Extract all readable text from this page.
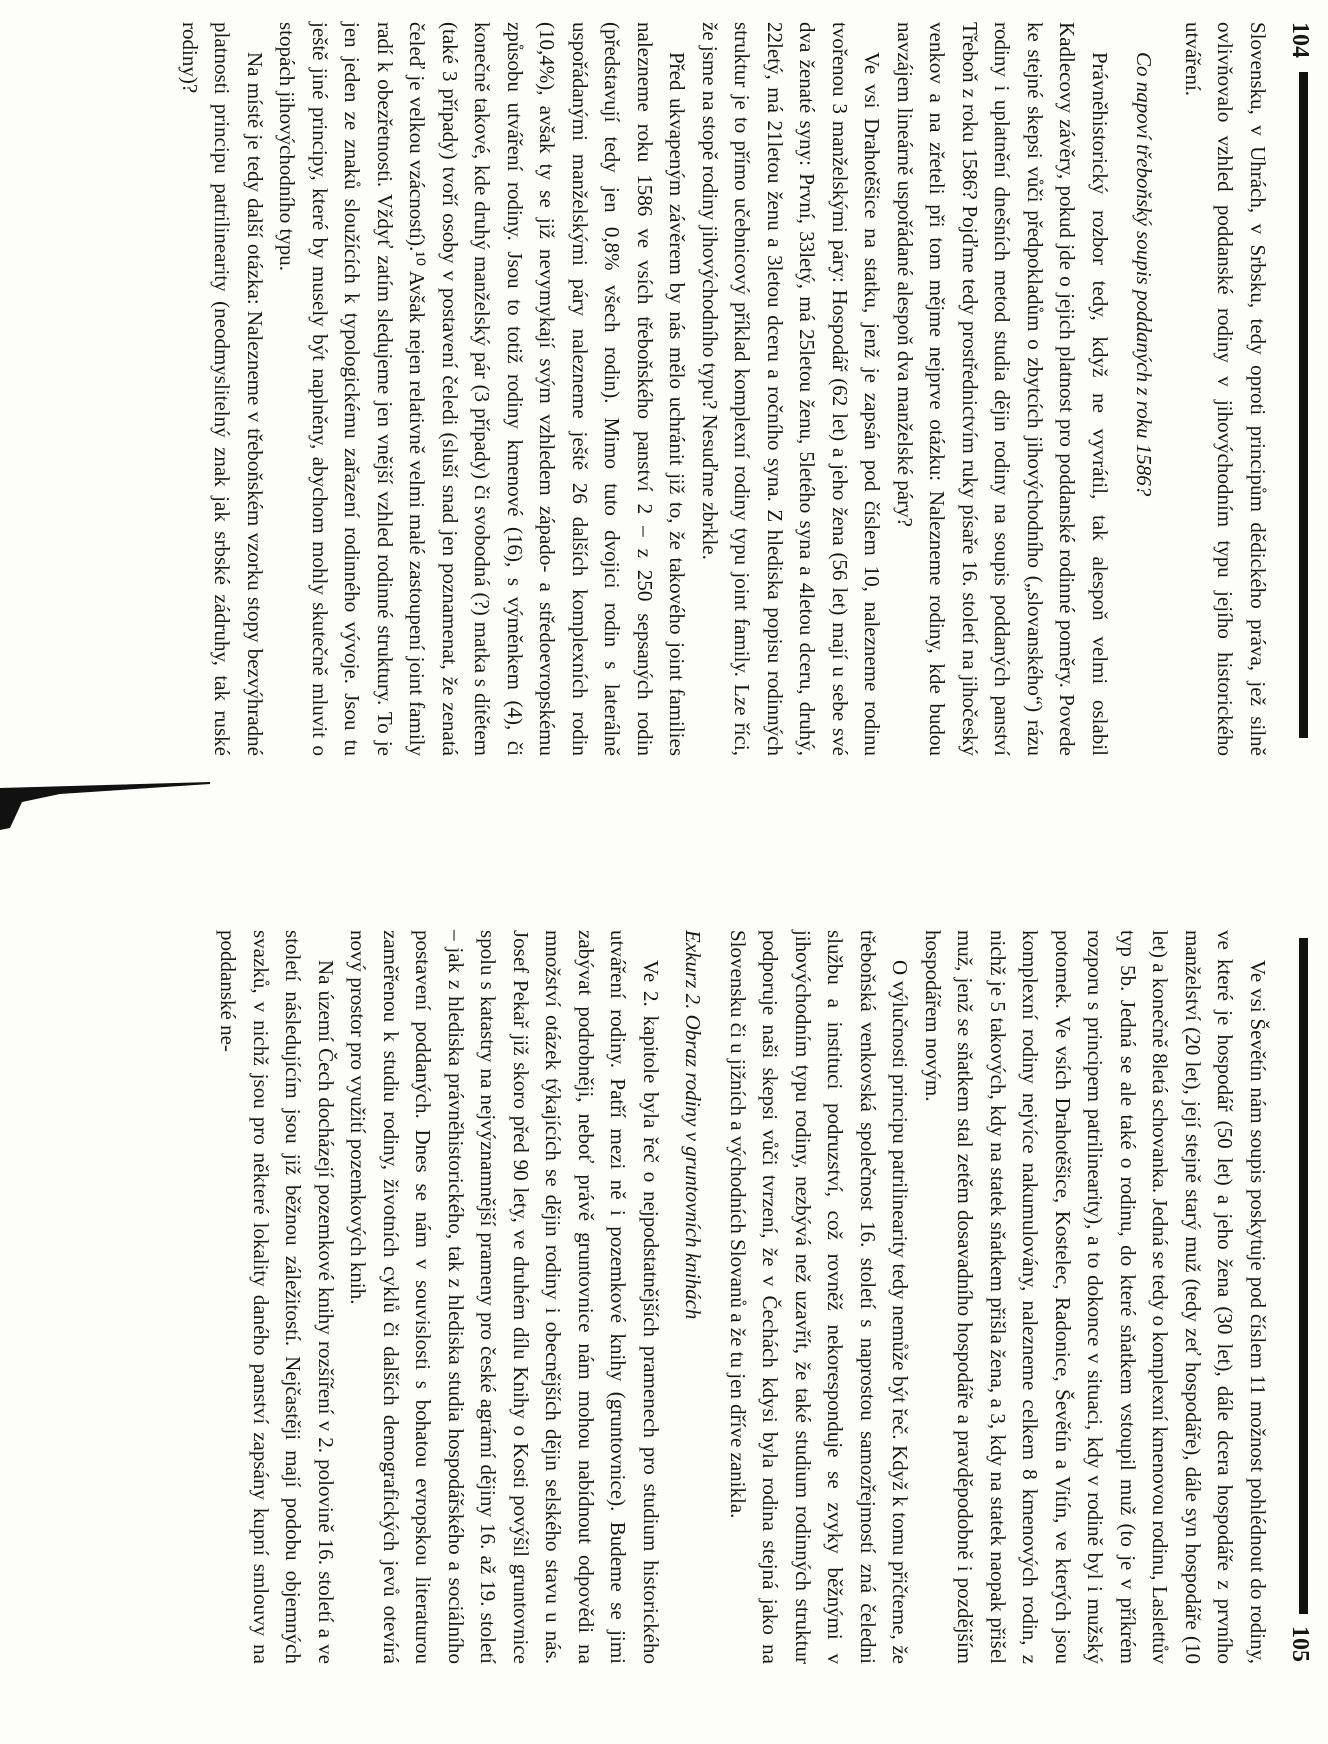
104

Slovensku, v Uhrách, v Srbsku, tedy oproti principům dědického práva, jež silně ovlivňovalo vzhled poddanské rodiny v jihovýchodním typu jejího historického utváření.

Co napoví třeboňský soupis poddaných z roku 1586?

Právněhistorický rozbor tedy, když ne vyvrátil, tak alespoň velmi oslabil Kadlecovy závěry, pokud jde o jejich platnost pro poddanské rodinné poměry. Povede ke stejné skepsi vůči předpokladům o zbytcích jihovýchodního („slovanského“) rázu rodiny i uplatnění dnešních metod studia dějin rodiny na soupis poddaných panství Třeboň z roku 1586? Pojďme tedy prostřednictvím ruky písaře 16. století na jihočeský venkov a na zřeteli při tom mějme nejprve otázku: Nalezneme rodiny, kde budou navzájem lineárně uspořádané alespoň dva manželské páry?

Ve vsi Drahotěšice na statku, jenž je zapsán pod číslem 10, nalezneme rodinu tvořenou 3 manželskými páry: Hospodář (62 let) a jeho žena (56 let) mají u sebe své dva ženaté syny: První, 33letý, má 25letou ženu, 5letého syna a 4letou dceru, druhý, 22letý, má 21letou ženu a 3letou dceru a ročního syna. Z hlediska popisu rodinných struktur je to přímo učebnicový příklad komplexní rodiny typu joint family. Lze říci, že jsme na stopě rodiny jihovýchodního typu? Nesuďme zbrkle.

Před ukvapeným závěrem by nás mělo uchránit již to, že takového joint families nalezneme roku 1586 ve vsích třeboňského panství 2 – z 250 sepsaných rodin (představují tedy jen 0,8% všech rodin). Mimo tuto dvojici rodin s laterálně uspořádanými manželskými páry nalezneme ještě 26 dalších komplexních rodin (10,4%), avšak ty se již nevymykají svým vzhledem západo- a středoevropskému způsobu utváření rodiny. Jsou to totiž rodiny kmenové (16), s výměnkem (4), či konečně takové, kde druhý manželský pár (3 případy) či svobodná (?) matka s dítětem (také 3 případy) tvoří osoby v postavení čeledi (sluší snad jen poznamenat, že zenatá čeleď je velkou vzácností).¹⁰ Avšak nejen relativně velmi malé zastoupení joint family radí k obezřetnosti. Vždyť zatím sledujeme jen vnější vzhled rodinné struktury. To je jen jeden ze znaků sloužících k typologickému zařazení rodinného vývoje. Jsou tu ještě jiné principy, které by musely být naplněny, abychom mohly skutečně mluvit o stopách jihovýchodního typu.

Na místě je tedy další otázka: Nalezneme v třeboňském vzorku stopy bezvýhradné platnosti principu patrilinearity (neodmyslitelný znak jak srbské zádruhy, tak ruské rodiny)?

105

Ve vsi Ševětín nám soupis poskytuje pod číslem 11 možnost pohlédnout do rodiny, ve které je hospodář (50 let) a jeho žena (30 let), dále dcera hospodáře z prvního manželství (20 let), její stejně starý muž (tedy zeť hospodáře), dále syn hospodáře (10 let) a konečně 8letá schovanka. Jedná se tedy o komplexní kmenovou rodinu, Laslettův typ 5b. Jedná se ale také o rodinu, do které sňatkem vstoupil muž (to je v příkrém rozporu s principem patrilinearity), a to dokonce v situaci, kdy v rodině byl i mužský potomek. Ve vsích Drahotěšice, Kostelec, Radonice, Ševětín a Vitín, ve kterých jsou komplexní rodiny nejvíce nakumulovány, nalezneme celkem 8 kmenových rodin, z nichž je 5 takových, kdy na statek sňatkem přišla žena, a 3, kdy na statek naopak přišel muž, jenž se sňatkem stal zetěm dosavadního hospodáře a pravděpodobně i pozdějším hospodářem novým.

O výlučnosti principu patrilinearity tedy nemůže být řeč. Když k tomu přičteme, že třeboňská venkovská společnost 16. století s naprostou samozřejmostí zná čeledni službu a instituci podruzství, což rovněž nekoresponduje se zvyky běžnými v jihovýchodním typu rodiny, nezbývá než uzavřít, že také studium rodinných struktur podporuje naši skepsi vůči tvrzení, že v Čechách kdysi byla rodina stejná jako na Slovensku či u jižních a východních Slovanů a že tu jen dříve zanikla.

Exkurz 2. Obraz rodiny v gruntovních knihách

Ve 2. kapitole byla řeč o nejpodstatnějších pramenech pro studium historického utváření rodiny. Patří mezi ně i pozemkové knihy (gruntovnice). Budeme se jimi zabývat podrobněji, neboť právě gruntovnice nám mohou nabídnout odpovědi na množství otázek týkajících se dějin rodiny i obecnějších dějin selského stavu u nás. Josef Pekař již skoro před 90 lety, ve druhém dílu Knihy o Kosti povýšil gruntovnice spolu s katastry na nejvýznamnější prameny pro české agrární dějiny 16. až 19. století – jak z hlediska právněhistorického, tak z hlediska studia hospodářského a sociálního postavení poddaných. Dnes se nám v souvislosti s bohatou evropskou literaturou zaměřenou k studiu rodiny, životních cyklů či dalších demografických jevů otevírá nový prostor pro využití pozemkových knih.

Na území Čech docházejí pozemkové knihy rozšíření v 2. polovině 16. století a ve století následujícím jsou již běžnou záležitostí. Nejčastěji mají podobu objemných svazků, v nichž jsou pro některé lokality daného panství zapsány kupní smlouvy na poddanské ne-
